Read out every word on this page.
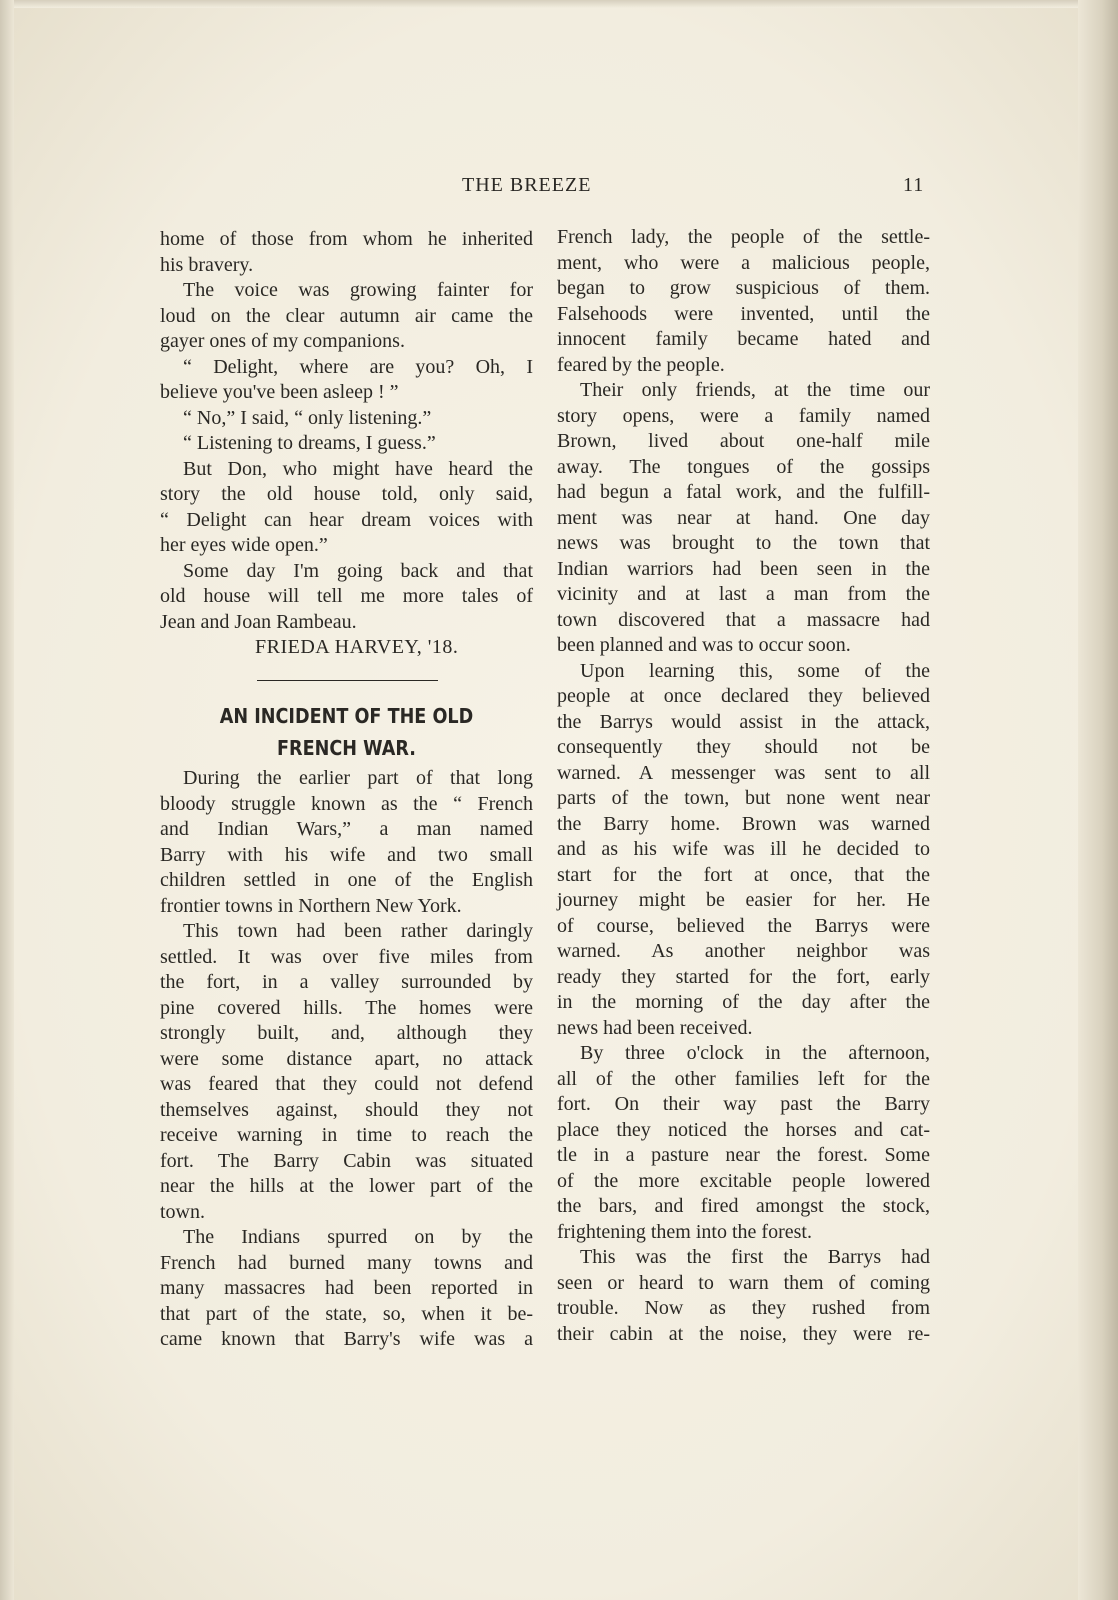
THE BREEZE	11
home of those from whom he inherited
his bravery.
The voice was growing fainter for
loud on the clear autumn air came the
gayer ones of my companions.
“ Delight, where are you? Oh, I
believe you've been asleep ! ”
“ No,” I said, “ only listening.”
“ Listening to dreams, I guess.”
But Don, who might have heard the
story the old house told, only said,
“ Delight can hear dream voices with
her eyes wide open.”
Some day I'm going back and that
old house will tell me more tales of
Jean and Joan Rambeau.
FRIEDA HARVEY, '18.
AN INCIDENT OF THE OLD
FRENCH WAR.
During the earlier part of that long
bloody struggle known as the “ French
and Indian Wars,” a man named
Barry with his wife and two small
children settled in one of the English
frontier towns in Northern New York.
This town had been rather daringly
settled. It was over five miles from
the fort, in a valley surrounded by
pine covered hills. The homes were
strongly built, and, although they
were some distance apart, no attack
was feared that they could not defend
themselves against, should they not
receive warning in time to reach the
fort. The Barry Cabin was situated
near the hills at the lower part of the
town.
The Indians spurred on by the
French had burned many towns and
many massacres had been reported in
that part of the state, so, when it be-
came known that Barry's wife was a
French lady, the people of the settle-
ment, who were a malicious people,
began to grow suspicious of them.
Falsehoods were invented, until the
innocent family became hated and
feared by the people.
Their only friends, at the time our
story opens, were a family named
Brown, lived about one-half mile
away. The tongues of the gossips
had begun a fatal work, and the fulfill-
ment was near at hand. One day
news was brought to the town that
Indian warriors had been seen in the
vicinity and at last a man from the
town discovered that a massacre had
been planned and was to occur soon.
Upon learning this, some of the
people at once declared they believed
the Barrys would assist in the attack,
consequently they should not be
warned. A messenger was sent to all
parts of the town, but none went near
the Barry home. Brown was warned
and as his wife was ill he decided to
start for the fort at once, that the
journey might be easier for her. He
of course, believed the Barrys were
warned. As another neighbor was
ready they started for the fort, early
in the morning of the day after the
news had been received.
By three o'clock in the afternoon,
all of the other families left for the
fort. On their way past the Barry
place they noticed the horses and cat-
tle in a pasture near the forest. Some
of the more excitable people lowered
the bars, and fired amongst the stock,
frightening them into the forest.
This was the first the Barrys had
seen or heard to warn them of coming
trouble. Now as they rushed from
their cabin at the noise, they were re-
